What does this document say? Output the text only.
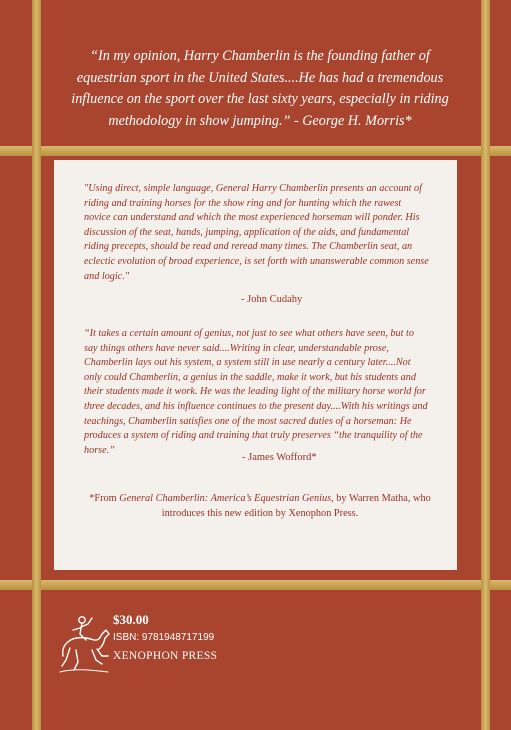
“In my opinion, Harry Chamberlin is the founding father of equestrian sport in the United States....He has had a tremendous influence on the sport over the last sixty years, especially in riding methodology in show jumping.” - George H. Morris*

"Using direct, simple language, General Harry Chamberlin presents an account of riding and training horses for the show ring and for hunting which the rawest novice can understand and which the most experienced horseman will ponder. His discussion of the seat, hands, jumping, application of the aids, and fundamental riding precepts, should be read and reread many times. The Chamberlin seat, an eclectic evolution of broad experience, is set forth with unanswerable common sense and logic."

- John Cudahy

“It takes a certain amount of genius, not just to see what others have seen, but to say things others have never said....Writing in clear, understandable prose, Chamberlin lays out his system, a system still in use nearly a century later....Not only could Chamberlin, a genius in the saddle, make it work, but his students and their students made it work. He was the leading light of the military horse world for three decades, and his influence continues to the present day....With his writings and teachings, Chamberlin satisfies one of the most sacred duties of a horseman: He produces a system of riding and training that truly preserves “the tranquility of the horse.”

- James Wofford*
*From General Chamberlin: America’s Equestrian Genius, by Warren Matha, who introduces this new edition by Xenophon Press.
$30.00
ISBN: 9781948717199
XENOPHON PRESS
